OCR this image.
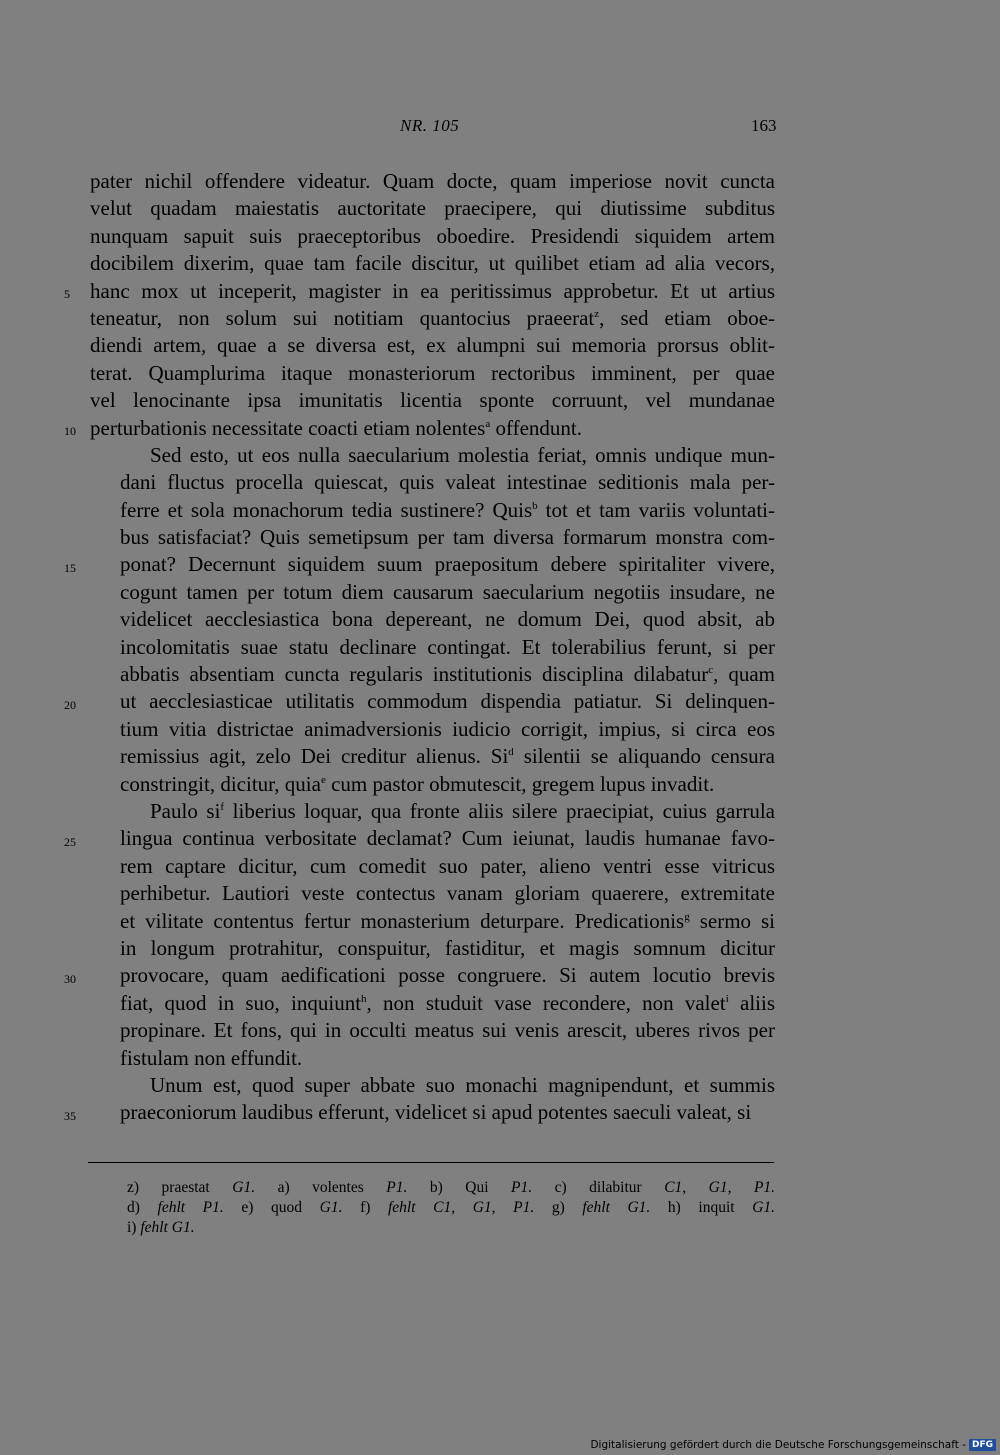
NR. 105	163
pater nichil offendere videatur. Quam docte, quam imperiose novit cuncta
velut quadam maiestatis auctoritate praecipere, qui diutissime subditus
nunquam sapuit suis praeceptoribus oboedire. Presidendi siquidem artem
docibilem dixerim, quae tam facile discitur, ut quilibet etiam ad alia vecors,
hanc mox ut inceperit, magister in ea peritissimus approbetur. Et ut artius
teneatur, non solum sui notitiam quantocius praeerat$^z$, sed etiam oboe-
diendi artem, quae a se diversa est, ex alumpni sui memoria prorsus oblit-
terat. Quamplurima itaque monasteriorum rectoribus imminent, per quae
vel lenocinante ipsa imunitatis licentia sponte corruunt, vel mundanae
perturbationis necessitate coacti etiam nolentes$^a$ offendunt.
Sed esto, ut eos nulla saecularium molestia feriat, omnis undique mun-
dani fluctus procella quiescat, quis valeat intestinae seditionis mala per-
ferre et sola monachorum tedia sustinere? Quis$^b$ tot et tam variis voluntati-
bus satisfaciat? Quis semetipsum per tam diversa formarum monstra com-
ponat? Decernunt siquidem suum praepositum debere spiritaliter vivere,
cogunt tamen per totum diem causarum saecularium negotiis insudare, ne
videlicet aecclesiastica bona depereant, ne domum Dei, quod absit, ab
incolomitatis suae statu declinare contingat. Et tolerabilius ferunt, si per
abbatis absentiam cuncta regularis institutionis disciplina dilabatur$^c$, quam
ut aecclesiasticae utilitatis commodum dispendia patiatur. Si delinquen-
tium vitia districtae animadversionis iudicio corrigit, impius, si circa eos
remissius agit, zelo Dei creditur alienus. Si$^d$ silentii se aliquando censura
constringit, dicitur, quia$^e$ cum pastor obmutescit, gregem lupus invadit.
Paulo $si^f$ liberius loquar, qua fronte aliis silere praecipiat, cuius garrula
lingua continua verbositate declamat? Cum ieiunat, laudis humanae favo-
rem captare dicitur, cum comedit suo pater, alieno ventri esse vitricus
perhibetur. Lautiori veste contectus vanam gloriam quaerere, extremitate
et vilitate contentus fertur monasterium deturpare. Predicationis$^g$ sermo si
in longum protrahitur, conspuitur, fastiditur, et magis somnum dicitur
provocare, quam aedificationi posse congruere. Si autem locutio brevis
fiat, quod in suo, inquiunt$^h$, non studuit vase recondere, non valet$^i$ aliis
propinare. Et fons, qui in occulti meatus sui venis arescit, uberes rivos per
fistulam non effundit.
Unum est, quod super abbate suo monachi magnipendunt, et summis
praeconiorum laudibus efferunt, videlicet si apud potentes saeculi valeat, si
5
10
15
20
25
30
35
z) praestat G1. a) volentes P1. b) Qui P1. c) dilabitur C1, G1, P1.
d) fehlt P1. e) quod G1. f) fehlt C1, G1, P1. g) fehlt G1. h) inquit G1.
i) fehlt G1.
Digitalisierung gefördert durch die Deutsche Forschungsgemeinschaft - DFG
